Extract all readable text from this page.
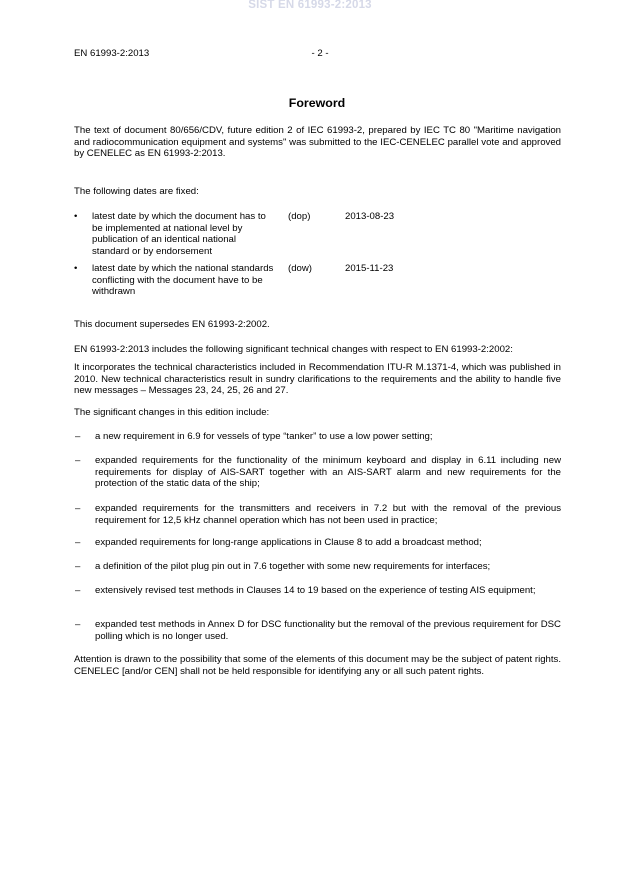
SIST EN 61993-2:2013
EN 61993-2:2013	- 2 -
Foreword
The text of document 80/656/CDV, future edition 2 of IEC 61993-2, prepared by IEC TC 80 "Maritime navigation and radiocommunication equipment and systems" was submitted to the IEC-CENELEC parallel vote and approved by CENELEC as EN 61993-2:2013.
The following dates are fixed:
• latest date by which the document has to be implemented at national level by publication of an identical national standard or by endorsement
(dop)	2013-08-23
• latest date by which the national standards conflicting with the document have to be withdrawn
(dow)	2015-11-23
This document supersedes EN 61993-2:2002.
EN 61993-2:2013 includes the following significant technical changes with respect to EN 61993-2:2002:
It incorporates the technical characteristics included in Recommendation ITU-R M.1371-4, which was published in 2010. New technical characteristics result in sundry clarifications to the requirements and the ability to handle five new messages – Messages 23, 24, 25, 26 and 27.
The significant changes in this edition include:
– a new requirement in 6.9 for vessels of type “tanker” to use a low power setting;
– expanded requirements for the functionality of the minimum keyboard and display in 6.11 including new requirements for display of AIS-SART together with an AIS-SART alarm and new requirements for the protection of the static data of the ship;
– expanded requirements for the transmitters and receivers in 7.2 but with the removal of the previous requirement for 12,5 kHz channel operation which has not been used in practice;
– expanded requirements for long-range applications in Clause 8 to add a broadcast method;
– a definition of the pilot plug pin out in 7.6 together with some new requirements for interfaces;
– extensively revised test methods in Clauses 14 to 19 based on the experience of testing AIS equipment;
– expanded test methods in Annex D for DSC functionality but the removal of the previous requirement for DSC polling which is no longer used.
Attention is drawn to the possibility that some of the elements of this document may be the subject of patent rights. CENELEC [and/or CEN] shall not be held responsible for identifying any or all such patent rights.
